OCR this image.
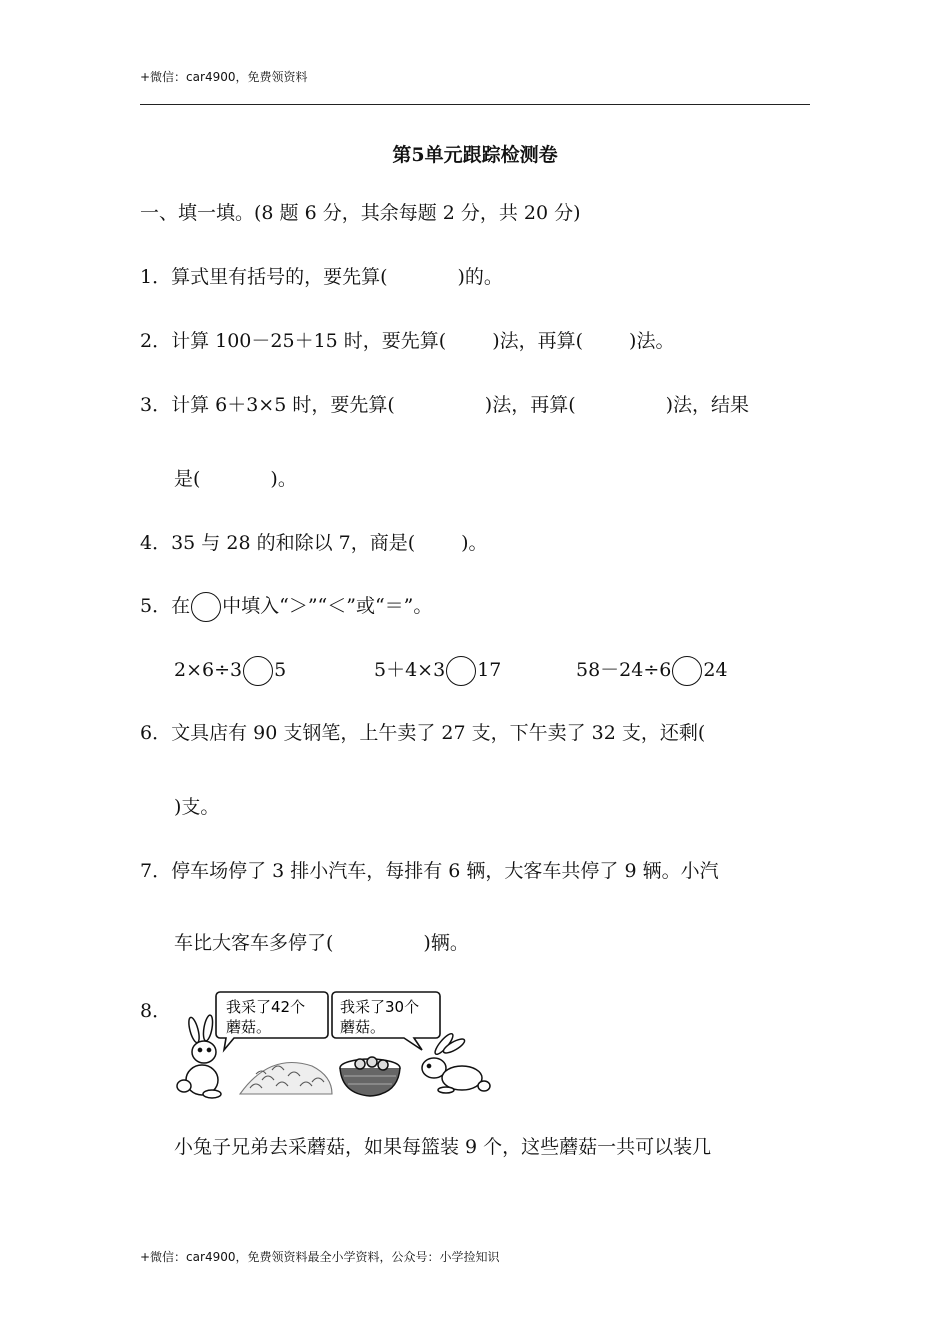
+微信：car4900，免费领资料
第5单元跟踪检测卷
一、填一填。(8 题 6 分，其余每题 2 分，共 20 分)
1．算式里有括号的，要先算(	)的。
2．计算 100－25＋15 时，要先算( )法，再算( )法。
3．计算 6＋3×5 时，要先算(	)法，再算(	)法，结果
是(	)。
4．35 与 28 的和除以 7，商是( )。
5．在 中填入“＞”“＜”或“＝”。
2×6÷3 5	5＋4×3 17	58－24÷6 24
6．文具店有 90 支钢笔，上午卖了 27 支，下午卖了 32 支，还剩(
)支。
7．停车场停了 3 排小汽车，每排有 6 辆，大客车共停了 9 辆。小汽
车比大客车多停了(	)辆。
8．	我采了42个
蘑菇。
我采了30个
蘑菇。
小兔子兄弟去采蘑菇，如果每篮装 9 个，这些蘑菇一共可以装几
+微信：car4900，免费领资料最全小学资料，公众号：小学捡知识
